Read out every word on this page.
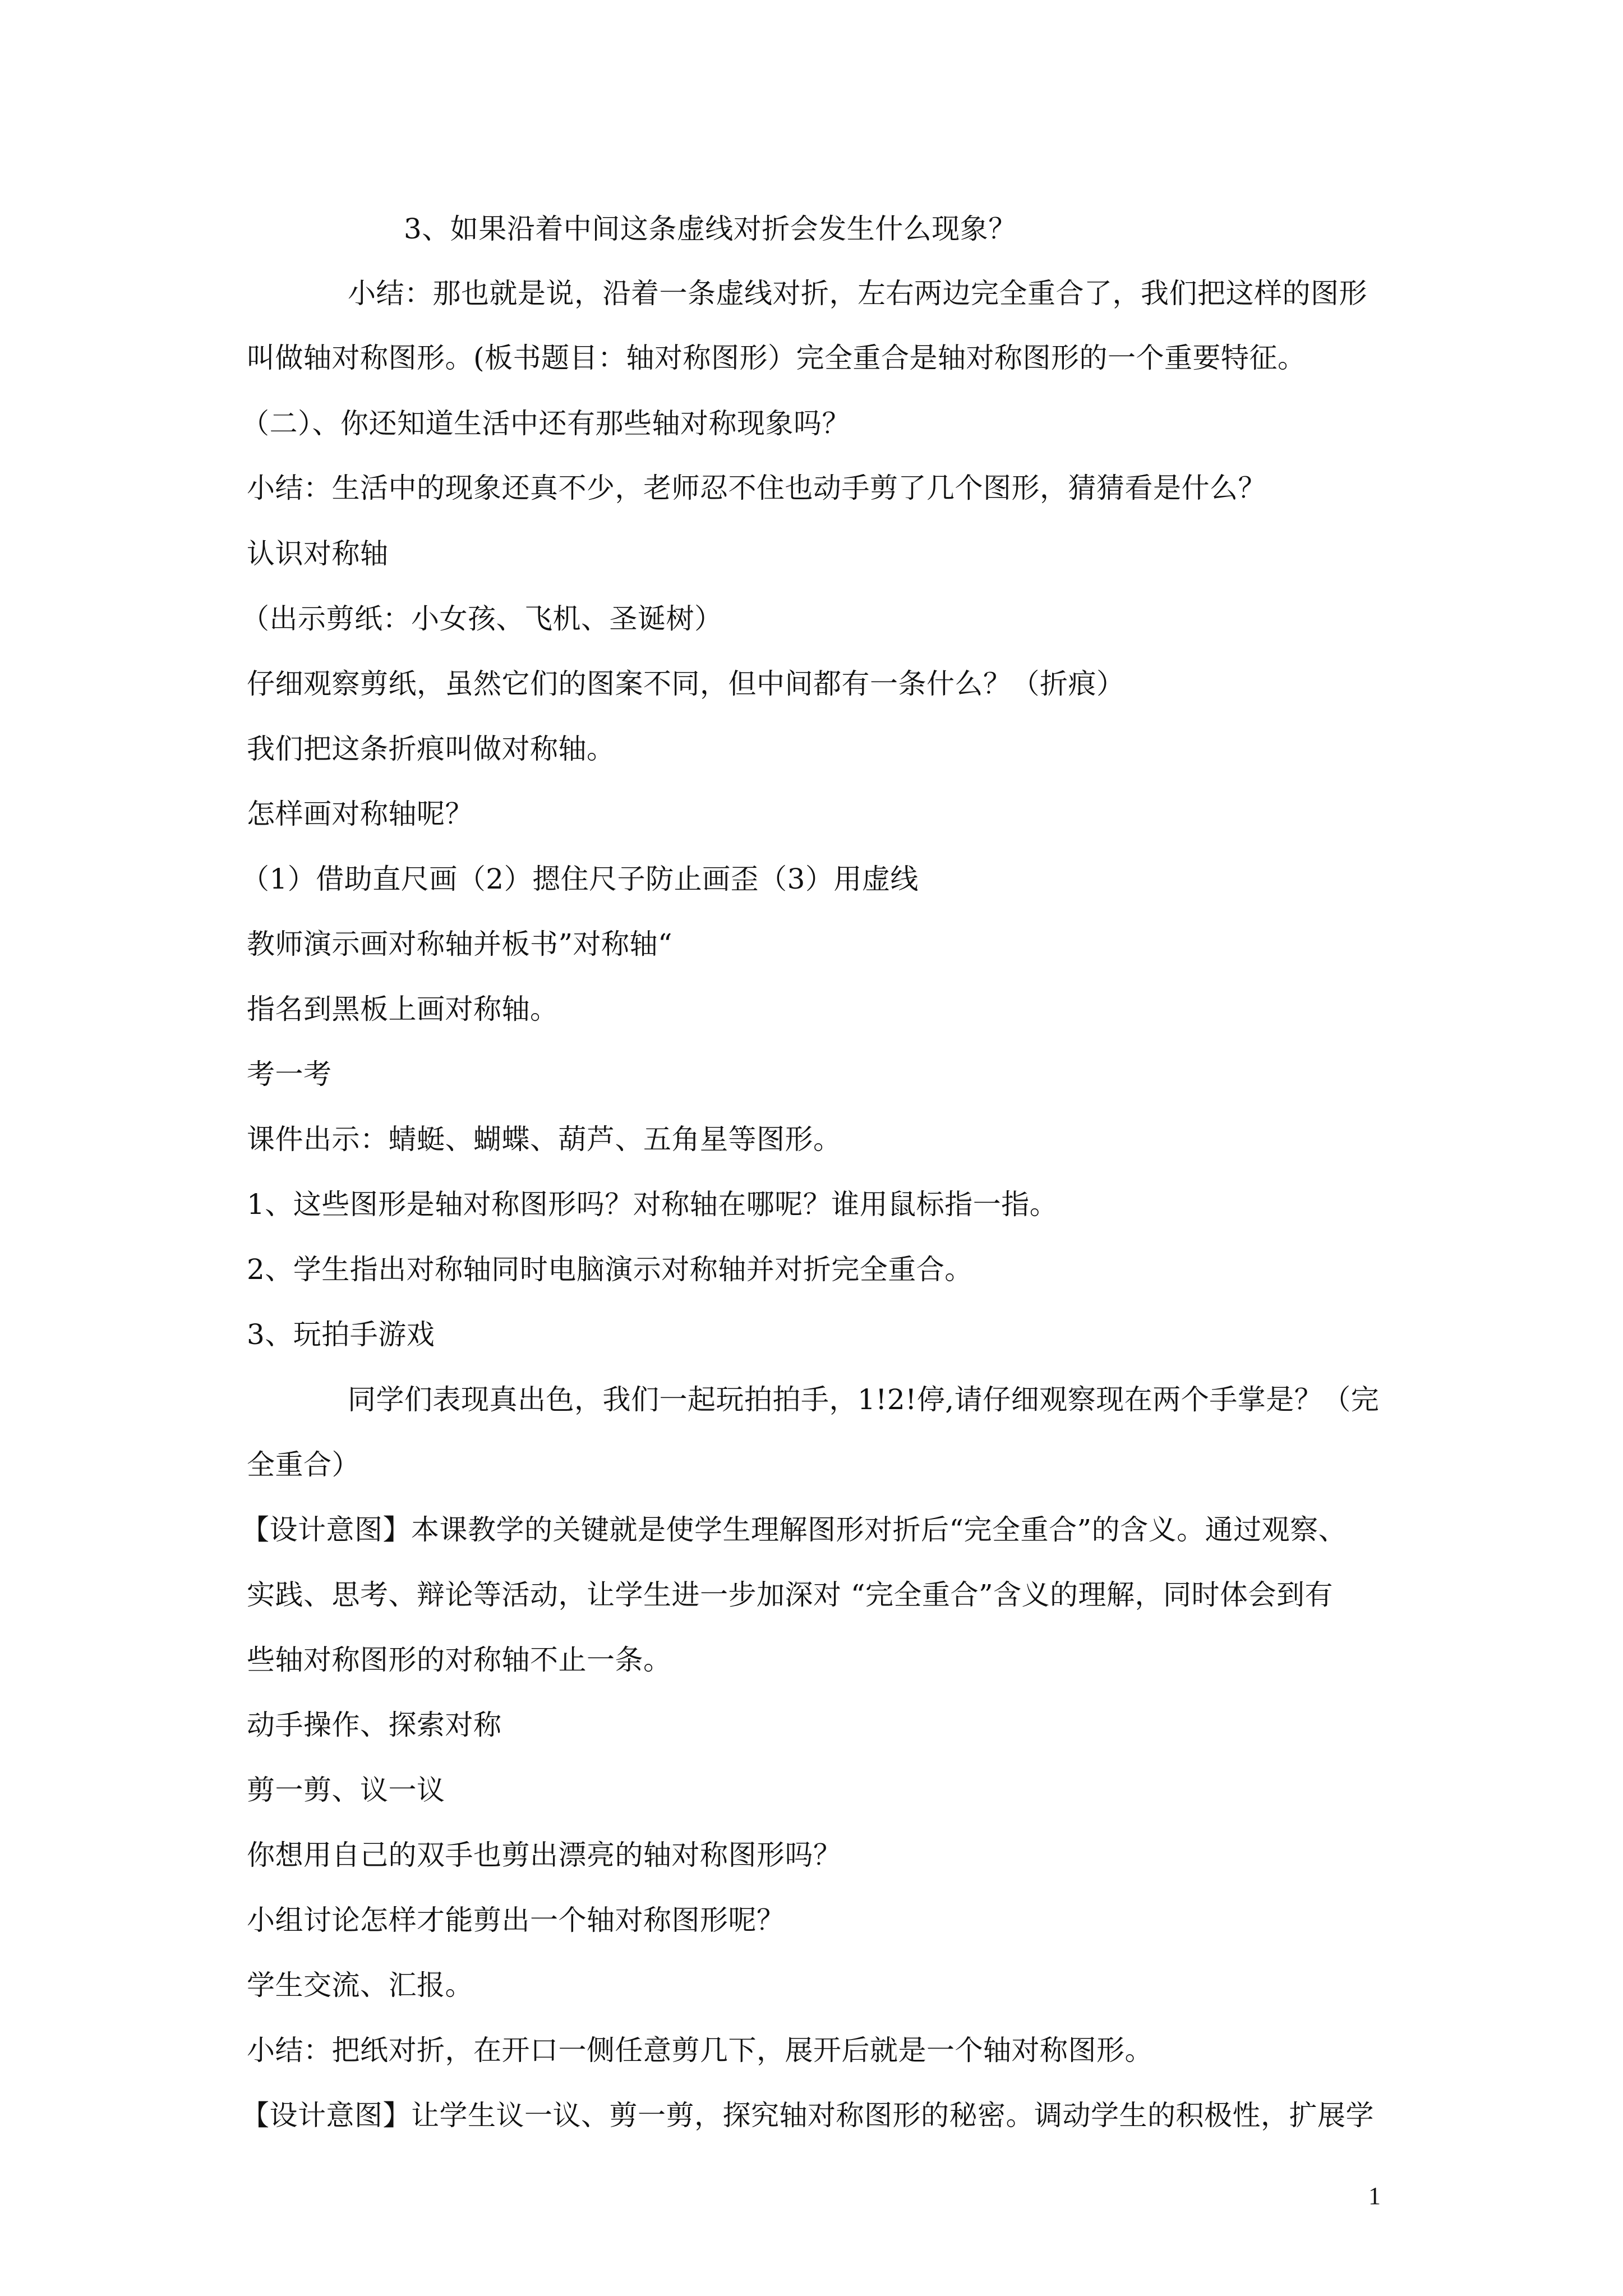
3、如果沿着中间这条虚线对折会发生什么现象？
小结：那也就是说，沿着一条虚线对折，左右两边完全重合了，我们把这样的图形
叫做轴对称图形。(板书题目：轴对称图形）完全重合是轴对称图形的一个重要特征。
（二）、你还知道生活中还有那些轴对称现象吗？
小结：生活中的现象还真不少，老师忍不住也动手剪了几个图形，猜猜看是什么？
认识对称轴
（出示剪纸：小女孩、飞机、圣诞树）
仔细观察剪纸，虽然它们的图案不同，但中间都有一条什么？（折痕）
我们把这条折痕叫做对称轴。
怎样画对称轴呢？
（1）借助直尺画（2）摁住尺子防止画歪（3）用虚线
教师演示画对称轴并板书”对称轴“
指名到黑板上画对称轴。
考一考
课件出示：蜻蜓、蝴蝶、葫芦、五角星等图形。
1、这些图形是轴对称图形吗？对称轴在哪呢？谁用鼠标指一指。
2、学生指出对称轴同时电脑演示对称轴并对折完全重合。
3、玩拍手游戏
同学们表现真出色，我们一起玩拍拍手，1!2!停,请仔细观察现在两个手掌是？（完
全重合）
【设计意图】本课教学的关键就是使学生理解图形对折后“完全重合”的含义。通过观察、
实践、思考、辩论等活动，让学生进一步加深对 “完全重合”含义的理解，同时体会到有
些轴对称图形的对称轴不止一条。
动手操作、探索对称
剪一剪、议一议
你想用自己的双手也剪出漂亮的轴对称图形吗？
小组讨论怎样才能剪出一个轴对称图形呢？
学生交流、汇报。
小结：把纸对折，在开口一侧任意剪几下，展开后就是一个轴对称图形。
【设计意图】让学生议一议、剪一剪，探究轴对称图形的秘密。调动学生的积极性，扩展学
1
